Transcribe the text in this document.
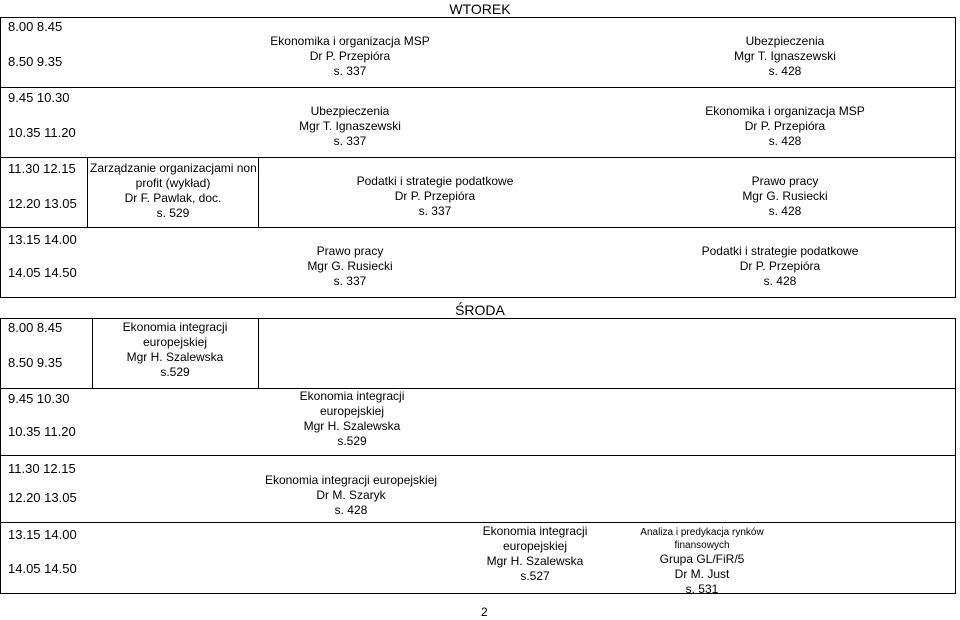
WTOREK
ŚRODA
8.00 8.45
8.50 9.35
9.45 10.30
10.35 11.20
11.30 12.15
12.20 13.05
13.15 14.00
14.05 14.50
Ekonomika i organizacja MSP
Dr P. Przepióra
s. 337
Ubezpieczenia
Mgr T. Ignaszewski
s. 428
Ubezpieczenia
Mgr T. Ignaszewski
s. 337
Ekonomika i organizacja MSP
Dr P. Przepióra
s. 428
Zarządzanie organizacjami non
profit (wykład)
Dr F. Pawlak, doc.
s. 529
Podatki i strategie podatkowe
Dr P. Przepióra
s. 337
Prawo pracy
Mgr G. Rusiecki
s. 428
Prawo pracy
Mgr G. Rusiecki
s. 337
Podatki i strategie podatkowe
Dr P. Przepióra
s. 428
8.00 8.45
8.50 9.35
9.45 10.30
10.35 11.20
11.30 12.15
12.20 13.05
13.15 14.00
14.05 14.50
Ekonomia integracji
europejskiej
Mgr H. Szalewska
s.529
Ekonomia integracji
europejskiej
Mgr H. Szalewska
s.529
Ekonomia integracji europejskiej
Dr M. Szaryk
s. 428
Ekonomia integracji
europejskiej
Mgr H. Szalewska
s.527
Analiza i predykacja rynków
finansowych
Grupa GL/FiR/5
Dr M. Just
s. 531
2
